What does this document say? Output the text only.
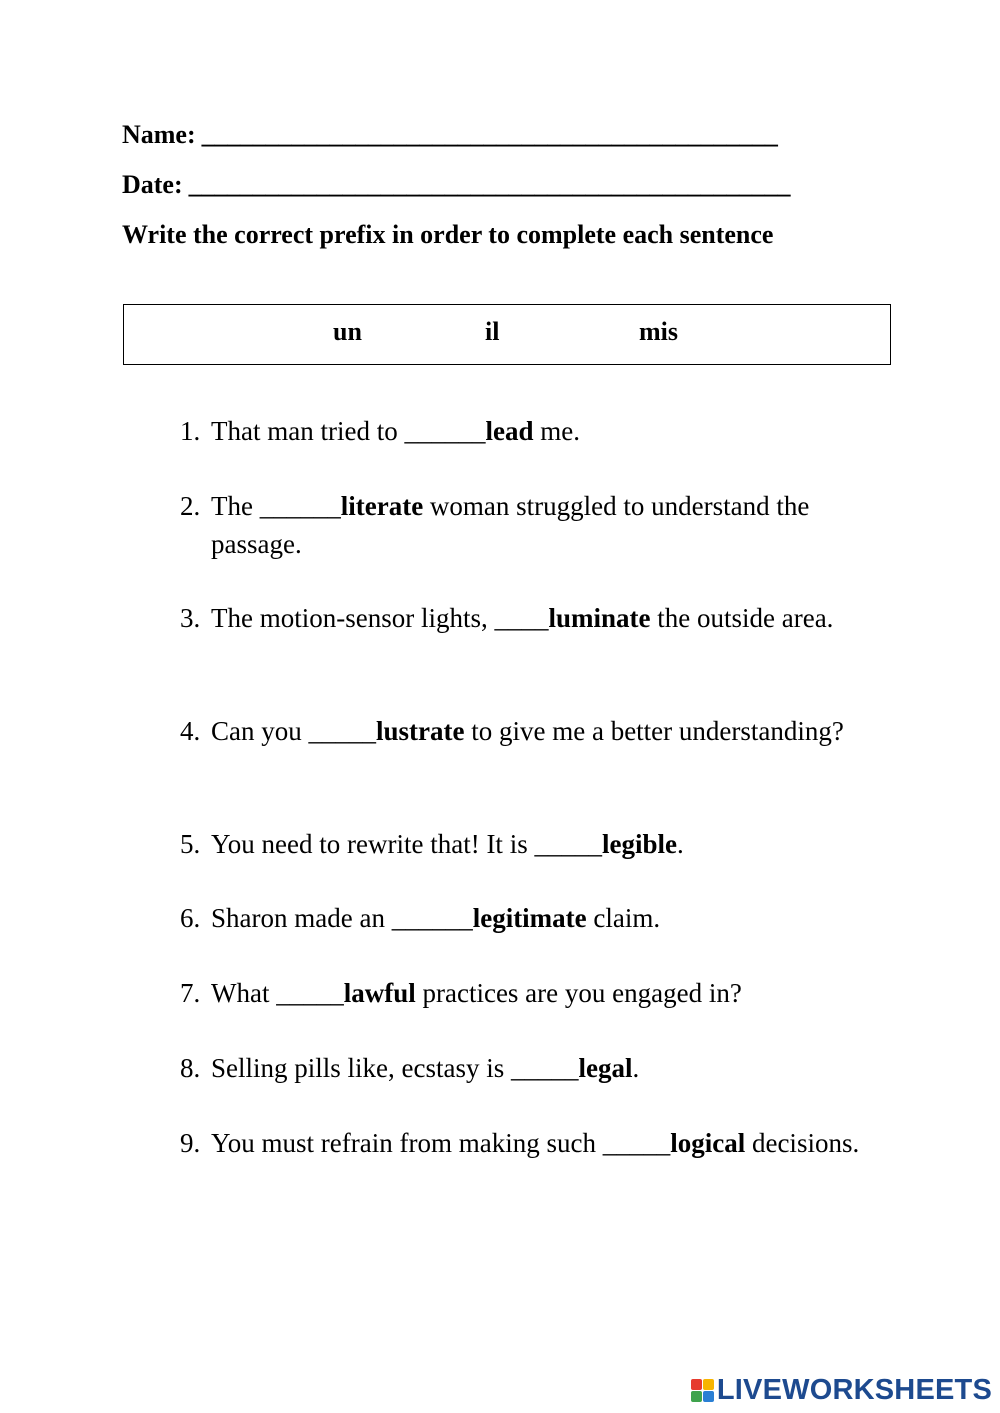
Name: _____________________________________________
Date: _______________________________________________
Write the correct prefix in order to complete each sentence
un	il	mis
1. That man tried to ______lead me.
2. The ______literate woman struggled to understand the passage.
3. The motion-sensor lights, ____luminate the outside area.
4. Can you _____lustrate to give me a better understanding?
5. You need to rewrite that! It is _____legible.
6. Sharon made an ______legitimate claim.
7. What _____lawful practices are you engaged in?
8. Selling pills like, ecstasy is _____legal.
9. You must refrain from making such _____logical decisions.
LIVEWORKSHEETS
